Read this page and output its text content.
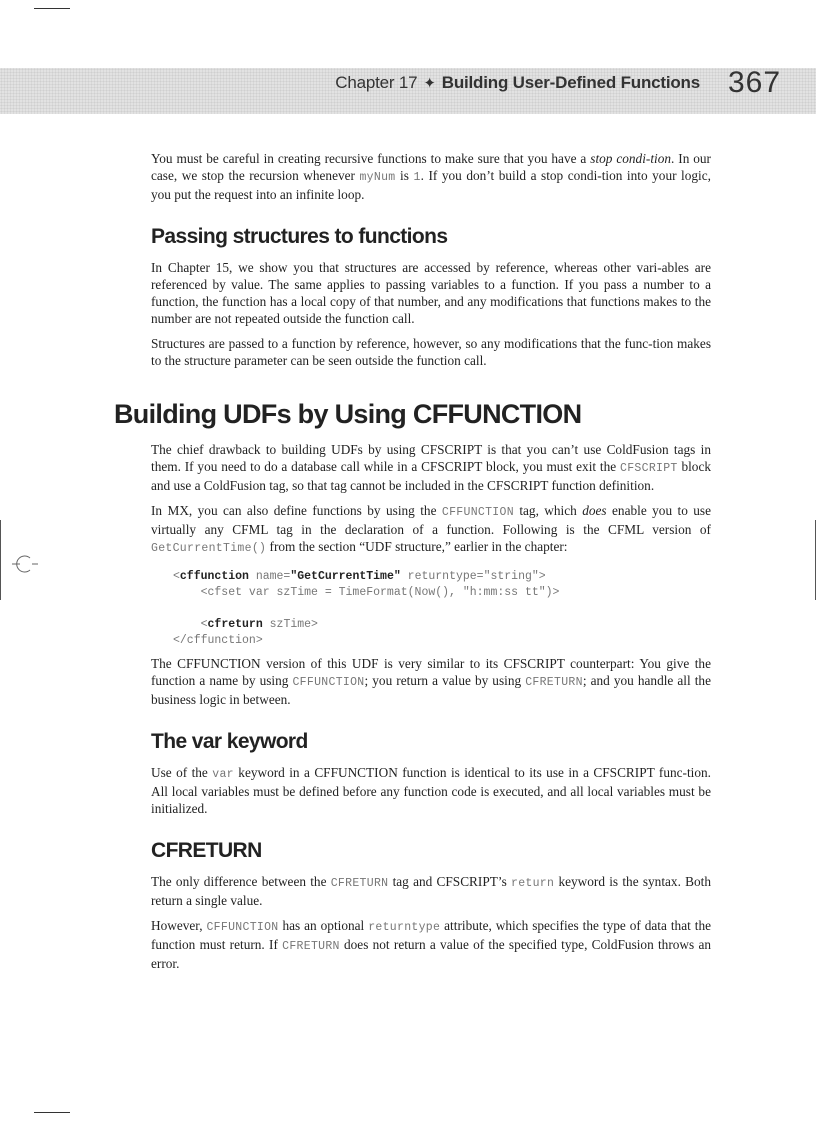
Chapter 17 ✦ Building User-Defined Functions 367

You must be careful in creating recursive functions to make sure that you have a stop condi-tion. In our case, we stop the recursion whenever myNum is 1. If you don’t build a stop condi-tion into your logic, you put the request into an infinite loop.

Passing structures to functions

In Chapter 15, we show you that structures are accessed by reference, whereas other vari-ables are referenced by value. The same applies to passing variables to a function. If you pass a number to a function, the function has a local copy of that number, and any modifications that functions makes to the number are not repeated outside the function call.

Structures are passed to a function by reference, however, so any modifications that the func-tion makes to the structure parameter can be seen outside the function call.

Building UDFs by Using CFFUNCTION

The chief drawback to building UDFs by using CFSCRIPT is that you can’t use ColdFusion tags in them. If you need to do a database call while in a CFSCRIPT block, you must exit the CFSCRIPT block and use a ColdFusion tag, so that tag cannot be included in the CFSCRIPT function definition.

In MX, you can also define functions by using the CFFUNCTION tag, which does enable you to use virtually any CFML tag in the declaration of a function. Following is the CFML version of GetCurrentTime() from the section “UDF structure,” earlier in the chapter:

<cffunction name="GetCurrentTime" returntype="string">
<cfset var szTime = TimeFormat(Now(), "h:mm:ss tt")>

<cfreturn szTime>
</cffunction>

The CFFUNCTION version of this UDF is very similar to its CFSCRIPT counterpart: You give the function a name by using CFFUNCTION; you return a value by using CFRETURN; and you handle all the business logic in between.

The var keyword

Use of the var keyword in a CFFUNCTION function is identical to its use in a CFSCRIPT func-tion. All local variables must be defined before any function code is executed, and all local variables must be initialized.

CFRETURN

The only difference between the CFRETURN tag and CFSCRIPT’s return keyword is the syntax. Both return a single value.

However, CFFUNCTION has an optional returntype attribute, which specifies the type of data that the function must return. If CFRETURN does not return a value of the specified type, ColdFusion throws an error.
